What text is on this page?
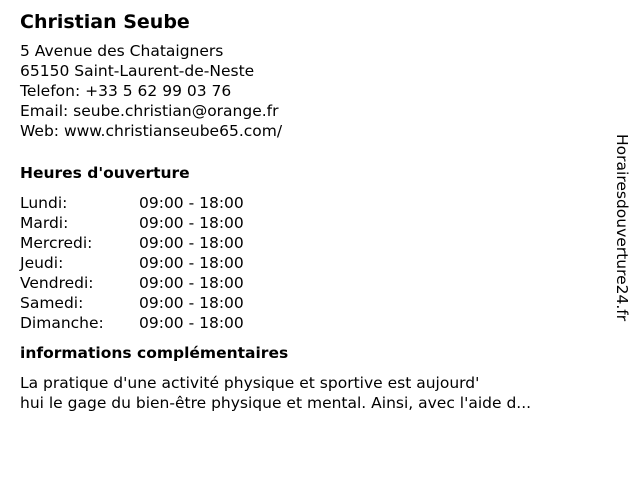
Christian Seube
5 Avenue des Chataigners
65150 Saint-Laurent-de-Neste
Telefon: +33 5 62 99 03 76
Email: seube.christian@orange.fr
Web: www.christianseube65.com/
Heures d'ouverture
Lundi:	09:00 - 18:00
Mardi:	09:00 - 18:00
Mercredi:	09:00 - 18:00
Jeudi:	09:00 - 18:00
Vendredi:	09:00 - 18:00
Samedi:	09:00 - 18:00
Dimanche:	09:00 - 18:00
informations complémentaires
La pratique d'une activité physique et sportive est aujourd'
hui le gage du bien-être physique et mental. Ainsi, avec l'aide d...
Horairesdouverture24.fr
